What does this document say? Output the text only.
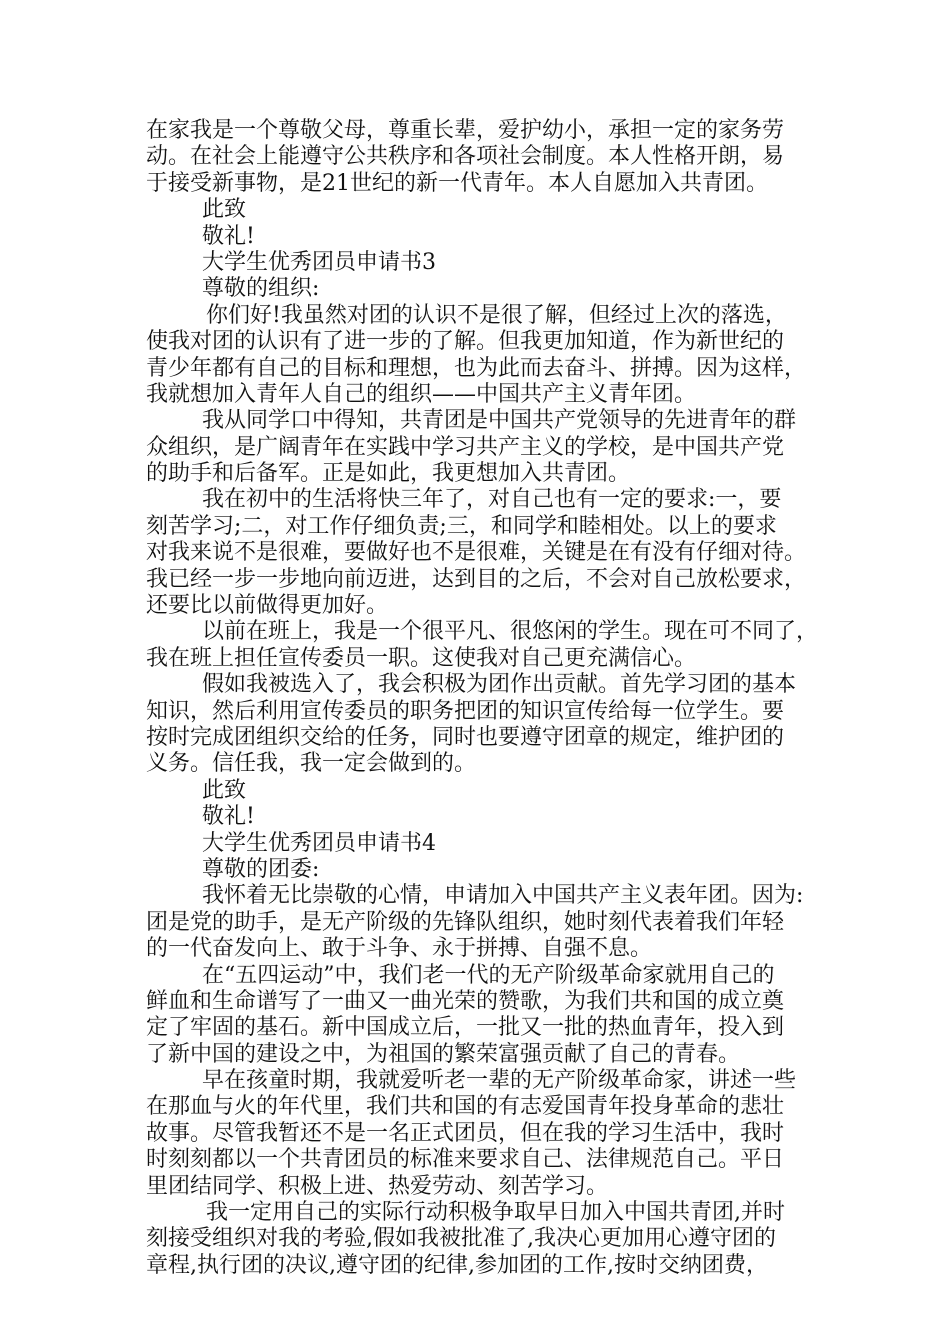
在家我是一个尊敬父母，尊重长辈，爱护幼小，承担一定的家务劳
动。在社会上能遵守公共秩序和各项社会制度。本人性格开朗，易
于接受新事物，是21世纪的新一代青年。本人自愿加入共青团。
此致
敬礼!
大学生优秀团员申请书3
尊敬的组织:
你们好!我虽然对团的认识不是很了解，但经过上次的落选，
使我对团的认识有了进一步的了解。但我更加知道，作为新世纪的
青少年都有自己的目标和理想，也为此而去奋斗、拼搏。因为这样，
我就想加入青年人自己的组织——中国共产主义青年团。
我从同学口中得知，共青团是中国共产党领导的先进青年的群
众组织，是广阔青年在实践中学习共产主义的学校，是中国共产党
的助手和后备军。正是如此，我更想加入共青团。
我在初中的生活将快三年了，对自己也有一定的要求:一，要
刻苦学习;二，对工作仔细负责;三，和同学和睦相处。以上的要求
对我来说不是很难，要做好也不是很难，关键是在有没有仔细对待。
我已经一步一步地向前迈进，达到目的之后，不会对自己放松要求，
还要比以前做得更加好。
以前在班上，我是一个很平凡、很悠闲的学生。现在可不同了，
我在班上担任宣传委员一职。这使我对自己更充满信心。
假如我被选入了，我会积极为团作出贡献。首先学习团的基本
知识，然后利用宣传委员的职务把团的知识宣传给每一位学生。要
按时完成团组织交给的任务，同时也要遵守团章的规定，维护团的
义务。信任我，我一定会做到的。
此致
敬礼!
大学生优秀团员申请书4
尊敬的团委:
我怀着无比崇敬的心情，申请加入中国共产主义表年团。因为:
团是党的助手，是无产阶级的先锋队组织，她时刻代表着我们年轻
的一代奋发向上、敢于斗争、永于拼搏、自强不息。
在“五四运动”中，我们老一代的无产阶级革命家就用自己的
鲜血和生命谱写了一曲又一曲光荣的赞歌，为我们共和国的成立奠
定了牢固的基石。新中国成立后，一批又一批的热血青年，投入到
了新中国的建设之中，为祖国的繁荣富强贡献了自己的青春。
早在孩童时期，我就爱听老一辈的无产阶级革命家，讲述一些
在那血与火的年代里，我们共和国的有志爱国青年投身革命的悲壮
故事。尽管我暂还不是一名正式团员，但在我的学习生活中，我时
时刻刻都以一个共青团员的标准来要求自己、法律规范自己。平日
里团结同学、积极上进、热爱劳动、刻苦学习。
我一定用自己的实际行动积极争取早日加入中国共青团,并时
刻接受组织对我的考验,假如我被批准了,我决心更加用心遵守团的
章程,执行团的决议,遵守团的纪律,参加团的工作,按时交纳团费，
